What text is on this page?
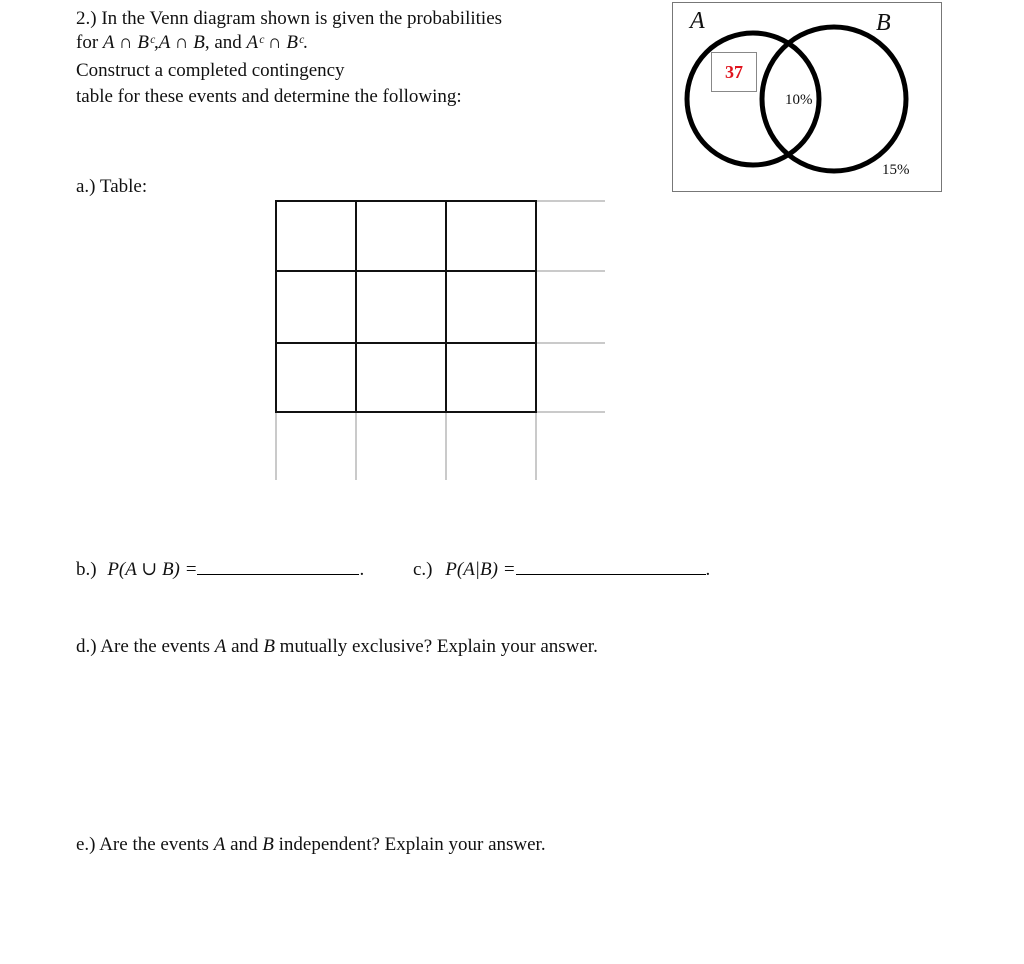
2.) In the Venn diagram shown is given the probabilities
for A ∩ Bᶜ,A ∩ B, and Aᶜ ∩ Bᶜ.
Construct a completed contingency
table for these events and determine the following:
A	B
37
10%
15%
a.) Table:
b.) P(A ∪ B) =	.	c.) P(A|B) =	.
d.) Are the events A and B mutually exclusive? Explain your answer.
e.) Are the events A and B independent? Explain your answer.
